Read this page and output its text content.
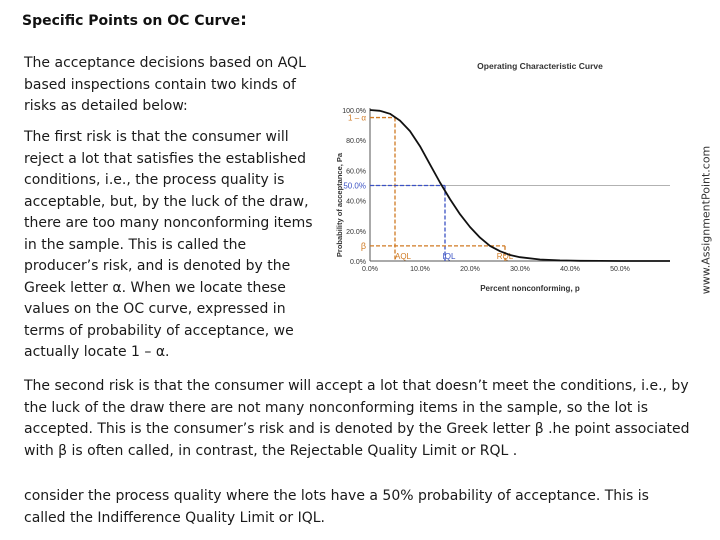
Specific Points on OC Curve:

The acceptance decisions based on AQL based inspections contain two kinds of risks as detailed below:

The first risk is that the consumer will reject a lot that satisfies the established conditions, i.e., the process quality is acceptable, but, by the luck of the draw, there are too many nonconforming items in the sample. This is called the producer’s risk, and is denoted by the Greek letter α. When we locate these values on the OC curve, expressed in terms of probability of acceptance, we actually locate 1 – α.

The second risk is that the consumer will accept a lot that doesn’t meet the conditions, i.e., by the luck of the draw there are not many nonconforming items in the sample, so the lot is accepted. This is the consumer’s risk and is denoted by the Greek letter β .he point associated with β is often called, in contrast, the Rejectable Quality Limit or RQL .

consider the process quality where the lots have a 50% probability of acceptance. This is called the Indifference Quality Limit or IQL.

www.AssignmentPoint.com
Operating Characteristic Curve
Percent nonconforming, p
Probability of acceptance, Pa
1 – α
50.0%
β
AQL	IQL	RQL
0.0%
20.0%
40.0%
60.0%
80.0%
100.0%
0.0%	10.0%	20.0%	30.0%	40.0%	50.0%
